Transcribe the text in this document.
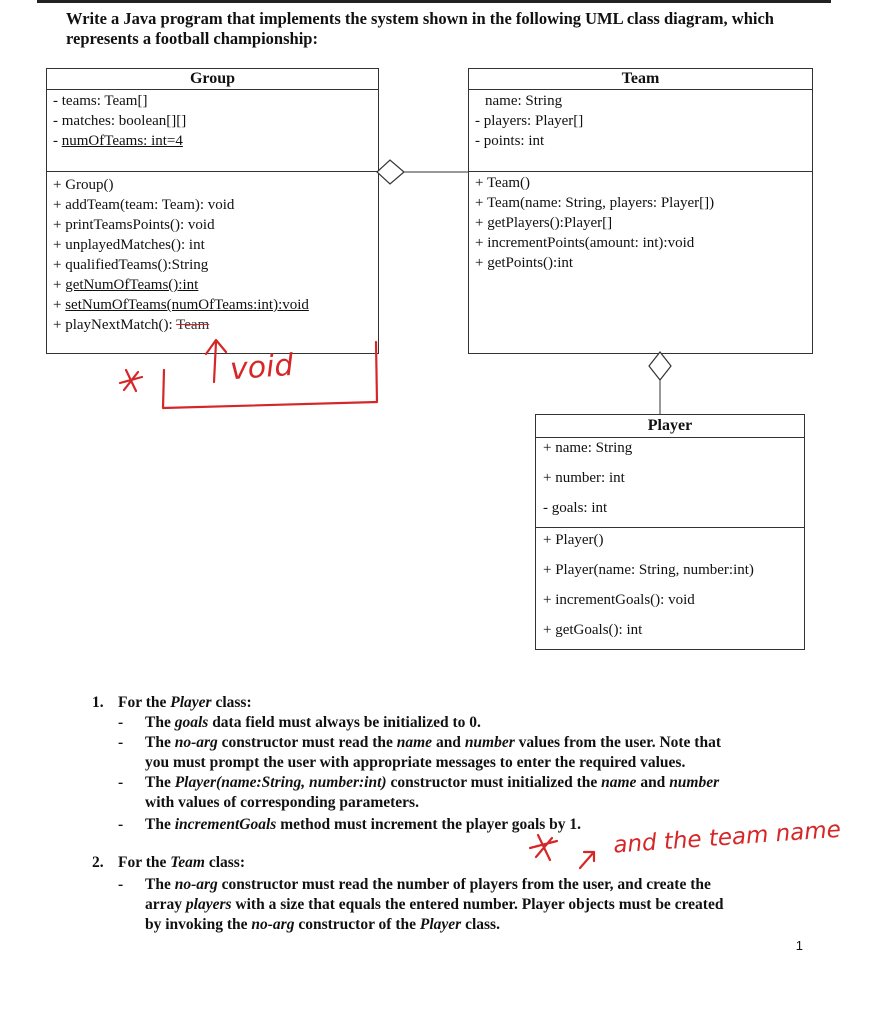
Write a Java program that implements the system shown in the following UML class diagram, which represents a football championship:
Group
- teams: Team[]
- matches: boolean[][]
- numOfTeams: int=4
+ Group()
+ addTeam(team: Team): void
+ printTeamsPoints(): void
+ unplayedMatches(): int
+ qualifiedTeams():String
+ getNumOfTeams():int
+ setNumOfTeams(numOfTeams:int):void
+ playNextMatch(): Team
Team
name: String
- players: Player[]
- points: int
+ Team()
+ Team(name: String, players: Player[])
+ getPlayers():Player[]
+ incrementPoints(amount: int):void
+ getPoints():int
Player
+ name: String
+ number: int
- goals: int
+ Player()
+ Player(name: String, number:int)
+ incrementGoals(): void
+ getGoals(): int
void
and the team name
1. For the Player class:
- The goals data field must always be initialized to 0.
- The no-arg constructor must read the name and number values from the user. Note that
you must prompt the user with appropriate messages to enter the required values.
- The Player(name:String, number:int) constructor must initialized the name and number
with values of corresponding parameters.
- The incrementGoals method must increment the player goals by 1.
2. For the Team class:
- The no-arg constructor must read the number of players from the user, and create the
array players with a size that equals the entered number. Player objects must be created
by invoking the no-arg constructor of the Player class.
1
